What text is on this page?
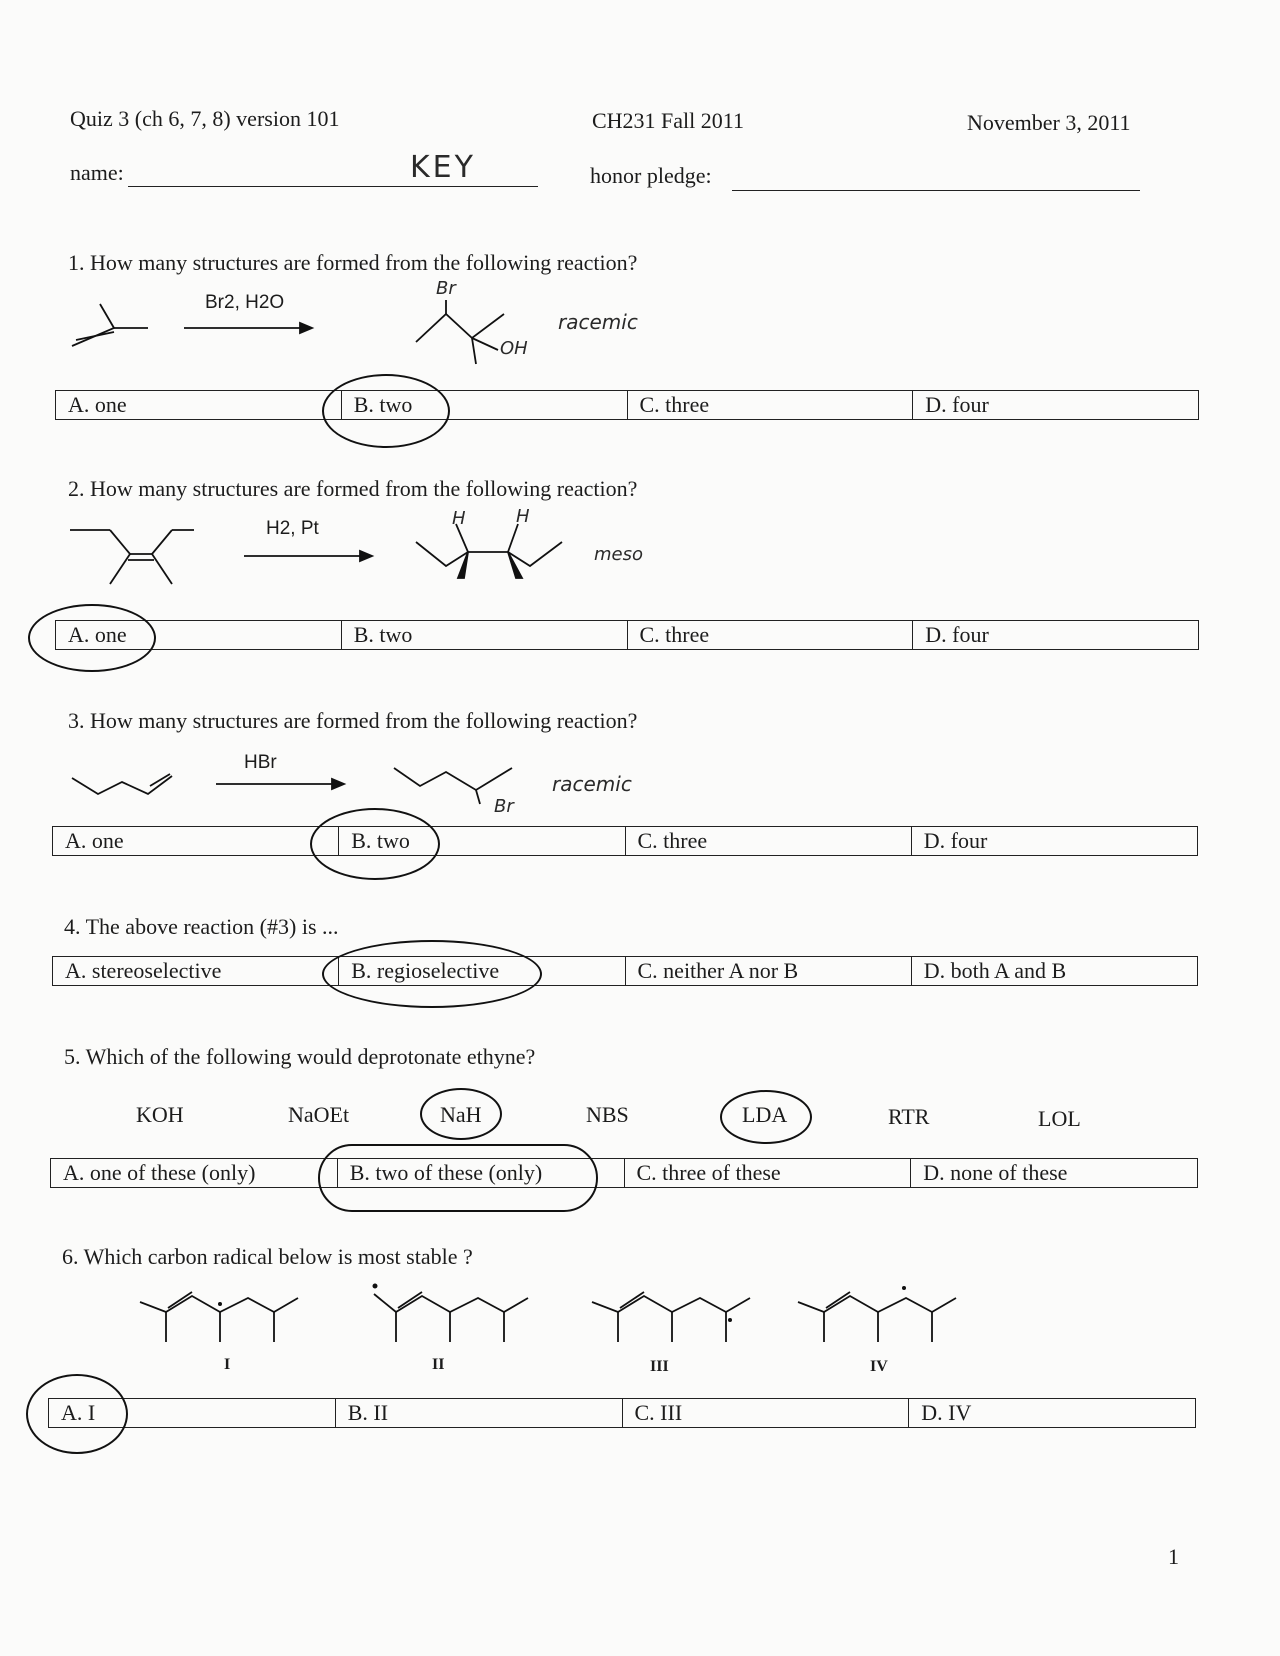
Quiz 3 (ch 6, 7, 8) version 101	CH231 Fall 2011	November 3, 2011
name:	KEY	honor pledge:
1. How many structures are formed from the following reaction?
Br2, H2O
Br
OH
racemic
A. one	B. two	C. three	D. four
2. How many structures are formed from the following reaction?
H2, Pt	H	H
meso
A. one	B. two	C. three	D. four
3. How many structures are formed from the following reaction?
HBr
Br
racemic
A. one	B. two	C. three	D. four
4. The above reaction (#3) is ...
A. stereoselective	B. regioselective	C. neither A nor B	D. both A and B
5. Which of the following would deprotonate ethyne?
KOH	NaOEt	NaH	NBS	LDA	RTR	LOL
A. one of these (only)	B. two of these (only)	C. three of these	D. none of these
6. Which carbon radical below is most stable ?
I	II	III	IV
A. I	B. II	C. III	D. IV
1
